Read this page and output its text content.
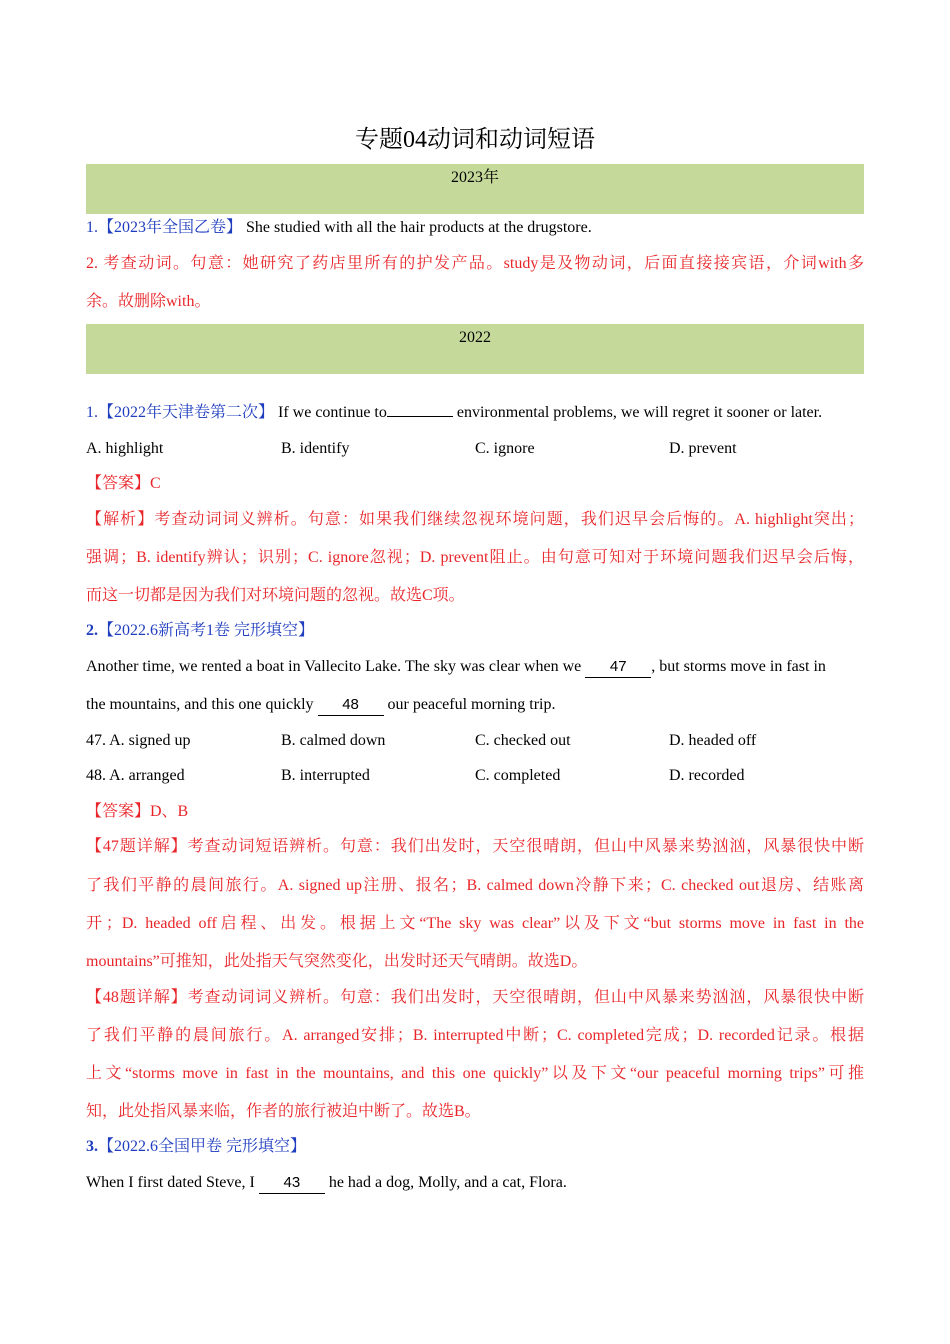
专题04动词和动词短语
2023年
1.【2023年全国乙卷】 She studied with all the hair products at the drugstore.
2. 考查动词。句意：她研究了药店里所有的护发产品。study是及物动词，后面直接接宾语，介词with多
余。故删除with。
2022
1.【2022年天津卷第二次】 If we continue to	environmental problems, we will regret it sooner or later.
A. highlight	B. identify	C. ignore	D. prevent
【答案】C
【解析】考查动词词义辨析。句意：如果我们继续忽视环境问题，我们迟早会后悔的。A. highlight突出；
强调；B. identify辨认；识别；C. ignore忽视；D. prevent阻止。由句意可知对于环境问题我们迟早会后悔，
而这一切都是因为我们对环境问题的忽视。故选C项。
2.【2022.6新高考1卷 完形填空】
Another time, we rented a boat in Vallecito Lake. The sky was clear when we 47 , but storms move in fast in
the mountains, and this one quickly 48 our peaceful morning trip.
47. A. signed up	B. calmed down	C. checked out	D. headed off
48. A. arranged	B. interrupted	C. completed	D. recorded
【答案】D、B
【47题详解】考查动词短语辨析。句意：我们出发时，天空很晴朗，但山中风暴来势汹汹，风暴很快中断
了我们平静的晨间旅行。A. signed up注册、报名；B. calmed down冷静下来；C. checked out退房、结账离
开；D. headed off启程、出发。根据上文“The sky was clear”以及下文“but storms move in fast in the
mountains”可推知，此处指天气突然变化，出发时还天气晴朗。故选D。
【48题详解】考查动词词义辨析。句意：我们出发时，天空很晴朗，但山中风暴来势汹汹，风暴很快中断
了我们平静的晨间旅行。A. arranged安排；B. interrupted中断；C. completed完成；D. recorded记录。根据
上文“storms move in fast in the mountains, and this one quickly”以及下文“our peaceful morning trips”可推
知，此处指风暴来临，作者的旅行被迫中断了。故选B。
3.【2022.6全国甲卷 完形填空】
When I first dated Steve, I 43 he had a dog, Molly, and a cat, Flora.
